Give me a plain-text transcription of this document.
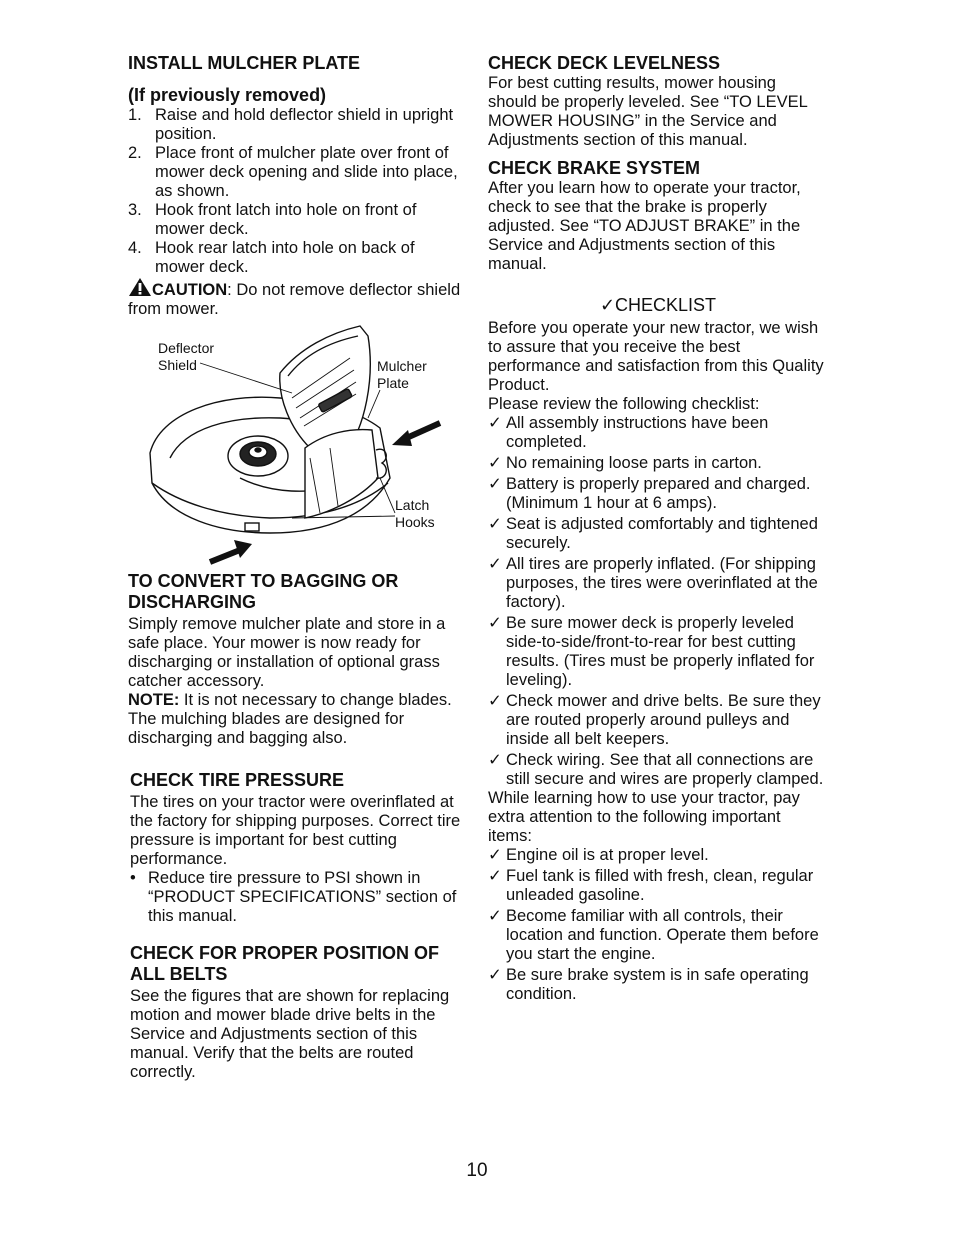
INSTALL MULCHER PLATE
(If previously removed)
1. Raise and hold deflector shield in upright position.
2. Place front of mulcher plate over front of mower deck opening and slide into place, as shown.
3. Hook front latch into hole on front of mower deck.
4. Hook rear latch into hole on back of mower deck.

CAUTION: Do not remove deflector shield from mower.

Deflector
Shield	Mulcher
Plate
Latch
Hooks
TO CONVERT TO BAGGING OR DISCHARGING

Simply remove mulcher plate and store in a safe place. Your mower is now ready for discharging or installation of optional grass catcher accessory.

NOTE: It is not necessary to change blades. The mulching blades are designed for discharging and bagging also.

CHECK TIRE PRESSURE

The tires on your tractor were overinflated at the factory for shipping purposes. Correct tire pressure is important for best cutting performance.

• Reduce tire pressure to PSI shown in “PRODUCT SPECIFICATIONS” section of this manual.
CHECK FOR PROPER POSITION OF ALL BELTS

See the figures that are shown for replacing motion and mower blade drive belts in the Service and Adjustments section of this manual. Verify that the belts are routed correctly.

CHECK DECK LEVELNESS

For best cutting results, mower housing should be properly leveled. See “TO LEVEL MOWER HOUSING” in the Service and Adjustments section of this manual.

CHECK BRAKE SYSTEM

After you learn how to operate your tractor, check to see that the brake is properly adjusted. See “TO ADJUST BRAKE” in the Service and Adjustments section of this manual.

✓CHECKLIST

Before you operate your new tractor, we wish to assure that you receive the best performance and satisfaction from this Quality Product.

Please review the following checklist:

✓ All assembly instructions have been completed.
✓ No remaining loose parts in carton.
✓ Battery is properly prepared and charged. (Minimum 1 hour at 6 amps).
✓ Seat is adjusted comfortably and tightened securely.
✓ All tires are properly inflated. (For shipping purposes, the tires were overinflated at the factory).
✓ Be sure mower deck is properly leveled side-to-side/front-to-rear for best cutting results. (Tires must be properly inflated for leveling).
✓ Check mower and drive belts. Be sure they are routed properly around pulleys and inside all belt keepers.
✓ Check wiring. See that all connections are still secure and wires are properly clamped.

While learning how to use your tractor, pay extra attention to the following important items:

✓ Engine oil is at proper level.
✓ Fuel tank is filled with fresh, clean, regular unleaded gasoline.
✓ Become familiar with all controls, their location and function. Operate them before you start the engine.
✓ Be sure brake system is in safe operating condition.
10
